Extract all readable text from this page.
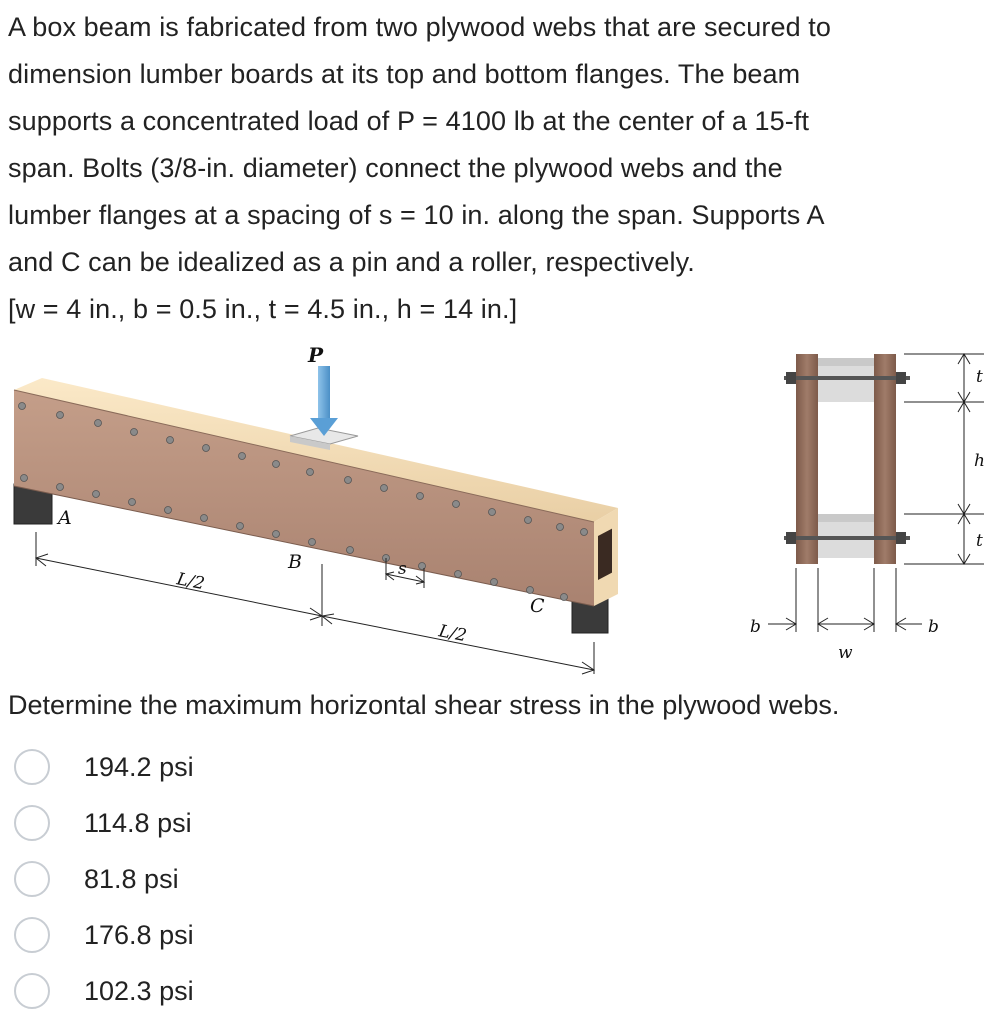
A box beam is fabricated from two plywood webs that are secured to
dimension lumber boards at its top and bottom flanges. The beam
supports a concentrated load of P = 4100 lb at the center of a 15-ft
span. Bolts (3/8-in. diameter) connect the plywood webs and the
lumber flanges at a spacing of s = 10 in. along the span. Supports A
and C can be idealized as a pin and a roller, respectively.
[w = 4 in., b = 0.5 in., t = 4.5 in., h = 14 in.]
P
A
B
C
L/2
L/2
s
t
h
t
b
w
b
Determine the maximum horizontal shear stress in the plywood webs.
194.2 psi
114.8 psi
81.8 psi
176.8 psi
102.3 psi
